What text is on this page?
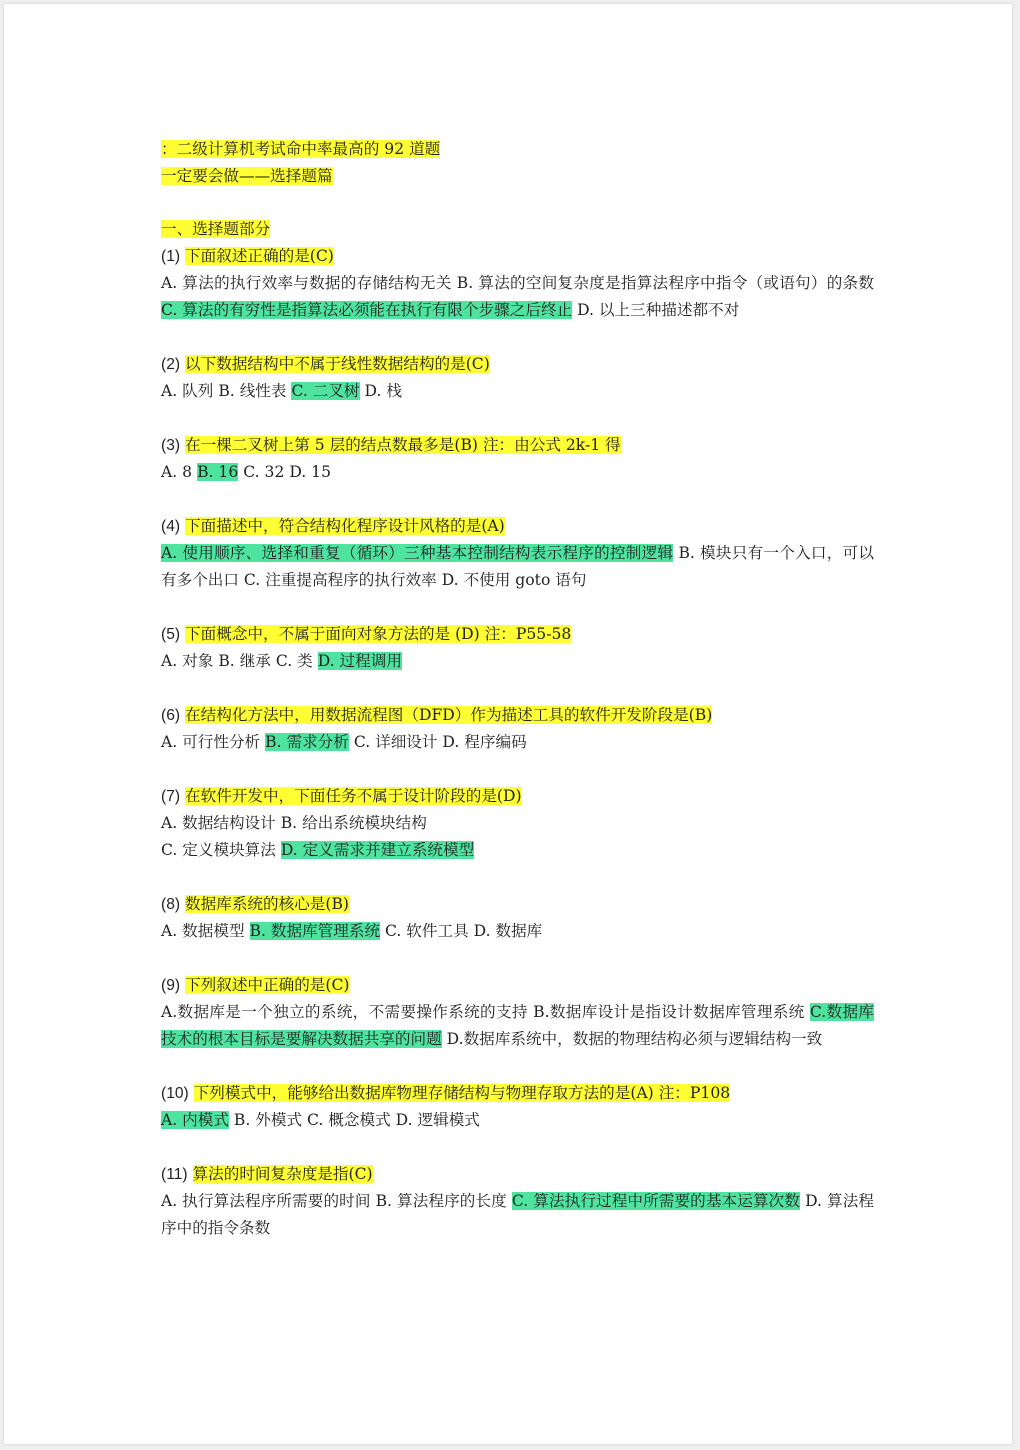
：二级计算机考试命中率最高的 92 道题
一定要会做——选择题篇
一、选择题部分
(1) 下面叙述正确的是(C)
A. 算法的执行效率与数据的存储结构无关 B. 算法的空间复杂度是指算法程序中指令（或语句）的条数 C. 算法的有穷性是指算法必须能在执行有限个步骤之后终止 D. 以上三种描述都不对
(2) 以下数据结构中不属于线性数据结构的是(C)
A. 队列 B. 线性表 C. 二叉树 D. 栈
(3) 在一棵二叉树上第 5 层的结点数最多是(B) 注：由公式 2k-1 得
A. 8 B. 16 C. 32 D. 15
(4) 下面描述中，符合结构化程序设计风格的是(A)
A. 使用顺序、选择和重复（循环）三种基本控制结构表示程序的控制逻辑 B. 模块只有一个入口，可以有多个出口 C. 注重提高程序的执行效率 D. 不使用 goto 语句
(5) 下面概念中，不属于面向对象方法的是 (D) 注：P55-58
A. 对象 B. 继承 C. 类 D. 过程调用
(6) 在结构化方法中，用数据流程图（DFD）作为描述工具的软件开发阶段是(B)
A. 可行性分析 B. 需求分析 C. 详细设计 D. 程序编码
(7) 在软件开发中，下面任务不属于设计阶段的是(D)
A. 数据结构设计 B. 给出系统模块结构
C. 定义模块算法 D. 定义需求并建立系统模型
(8) 数据库系统的核心是(B)
A. 数据模型 B. 数据库管理系统 C. 软件工具 D. 数据库
(9) 下列叙述中正确的是(C)
A.数据库是一个独立的系统，不需要操作系统的支持 B.数据库设计是指设计数据库管理系统 C.数据库技术的根本目标是要解决数据共享的问题 D.数据库系统中，数据的物理结构必须与逻辑结构一致
(10) 下列模式中，能够给出数据库物理存储结构与物理存取方法的是(A) 注：P108
A. 内模式 B. 外模式 C. 概念模式 D. 逻辑模式
(11) 算法的时间复杂度是指(C)
A. 执行算法程序所需要的时间 B. 算法程序的长度 C. 算法执行过程中所需要的基本运算次数 D. 算法程序中的指令条数
